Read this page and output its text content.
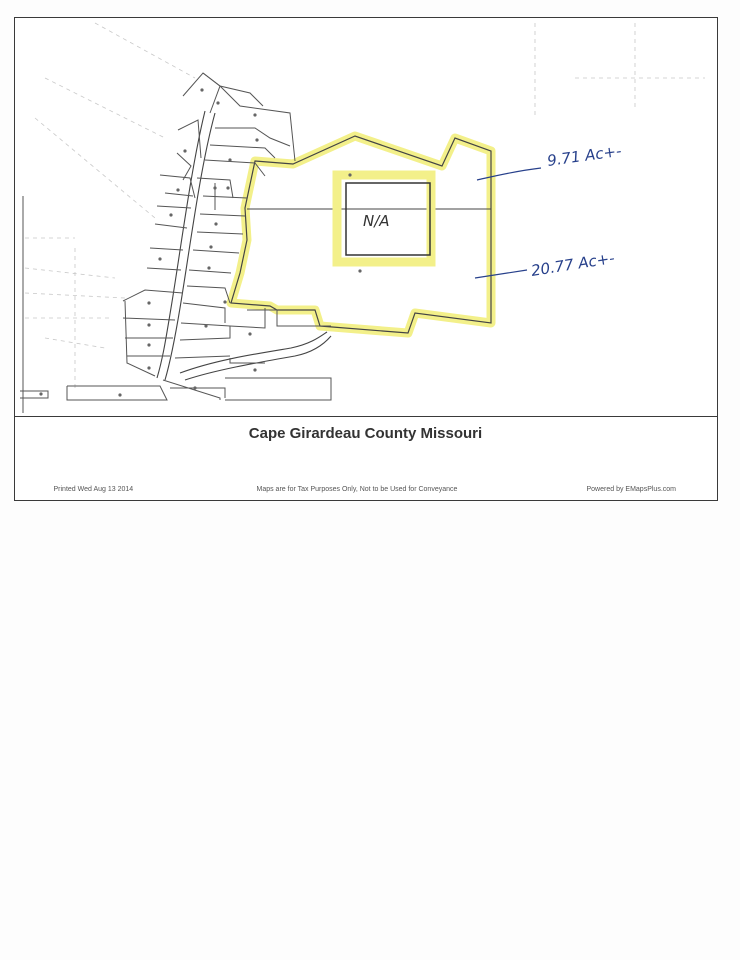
N/A
9.71 Ac+-
20.77 Ac+-
Cape Girardeau County Missouri
Printed Wed Aug 13 2014	Maps are for Tax Purposes Only, Not to be Used for Conveyance	Powered by EMapsPlus.com
